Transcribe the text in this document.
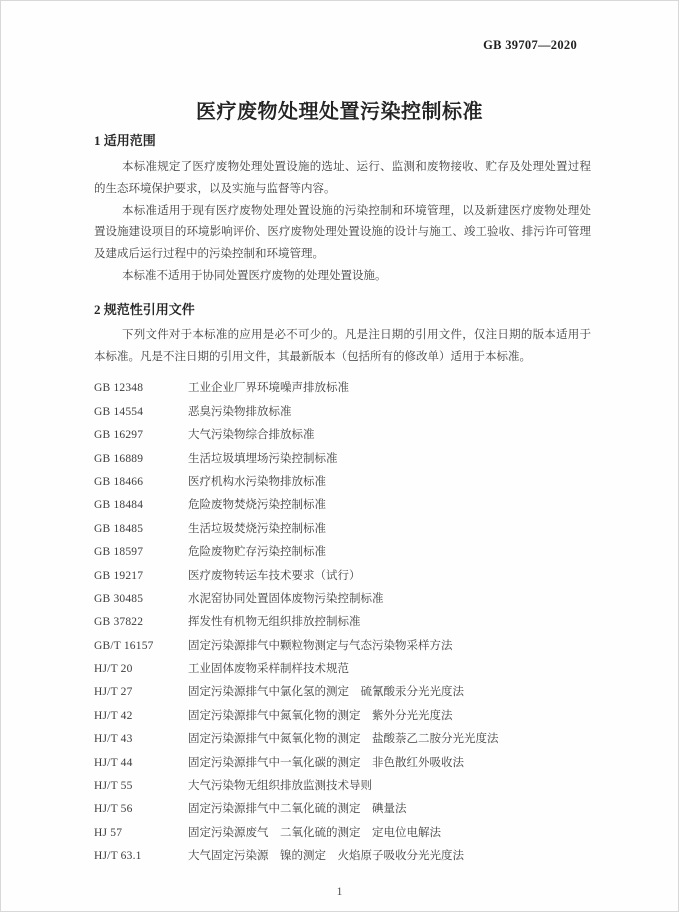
GB 39707—2020
医疗废物处理处置污染控制标准
1 适用范围

本标准规定了医疗废物处理处置设施的选址、运行、监测和废物接收、贮存及处理处置过程的生态环境保护要求，以及实施与监督等内容。

本标准适用于现有医疗废物处理处置设施的污染控制和环境管理，以及新建医疗废物处理处置设施建设项目的环境影响评价、医疗废物处理处置设施的设计与施工、竣工验收、排污许可管理及建成后运行过程中的污染控制和环境管理。

本标准不适用于协同处置医疗废物的处理处置设施。

2 规范性引用文件

下列文件对于本标准的应用是必不可少的。凡是注日期的引用文件，仅注日期的版本适用于本标准。凡是不注日期的引用文件，其最新版本（包括所有的修改单）适用于本标准。

GB 12348	工业企业厂界环境噪声排放标准
GB 14554	恶臭污染物排放标准
GB 16297	大气污染物综合排放标准
GB 16889	生活垃圾填埋场污染控制标准
GB 18466	医疗机构水污染物排放标准
GB 18484	危险废物焚烧污染控制标准
GB 18485	生活垃圾焚烧污染控制标准
GB 18597	危险废物贮存污染控制标准
GB 19217	医疗废物转运车技术要求（试行）
GB 30485	水泥窑协同处置固体废物污染控制标准
GB 37822	挥发性有机物无组织排放控制标准
GB/T 16157	固定污染源排气中颗粒物测定与气态污染物采样方法
HJ/T 20	工业固体废物采样制样技术规范
HJ/T 27	固定污染源排气中氯化氢的测定　硫氰酸汞分光光度法
HJ/T 42	固定污染源排气中氮氧化物的测定　紫外分光光度法
HJ/T 43	固定污染源排气中氮氧化物的测定　盐酸萘乙二胺分光光度法
HJ/T 44	固定污染源排气中一氧化碳的测定　非色散红外吸收法
HJ/T 55	大气污染物无组织排放监测技术导则
HJ/T 56	固定污染源排气中二氧化硫的测定　碘量法
HJ 57	固定污染源废气　二氧化硫的测定　定电位电解法
HJ/T 63.1	大气固定污染源　镍的测定　火焰原子吸收分光光度法
1
